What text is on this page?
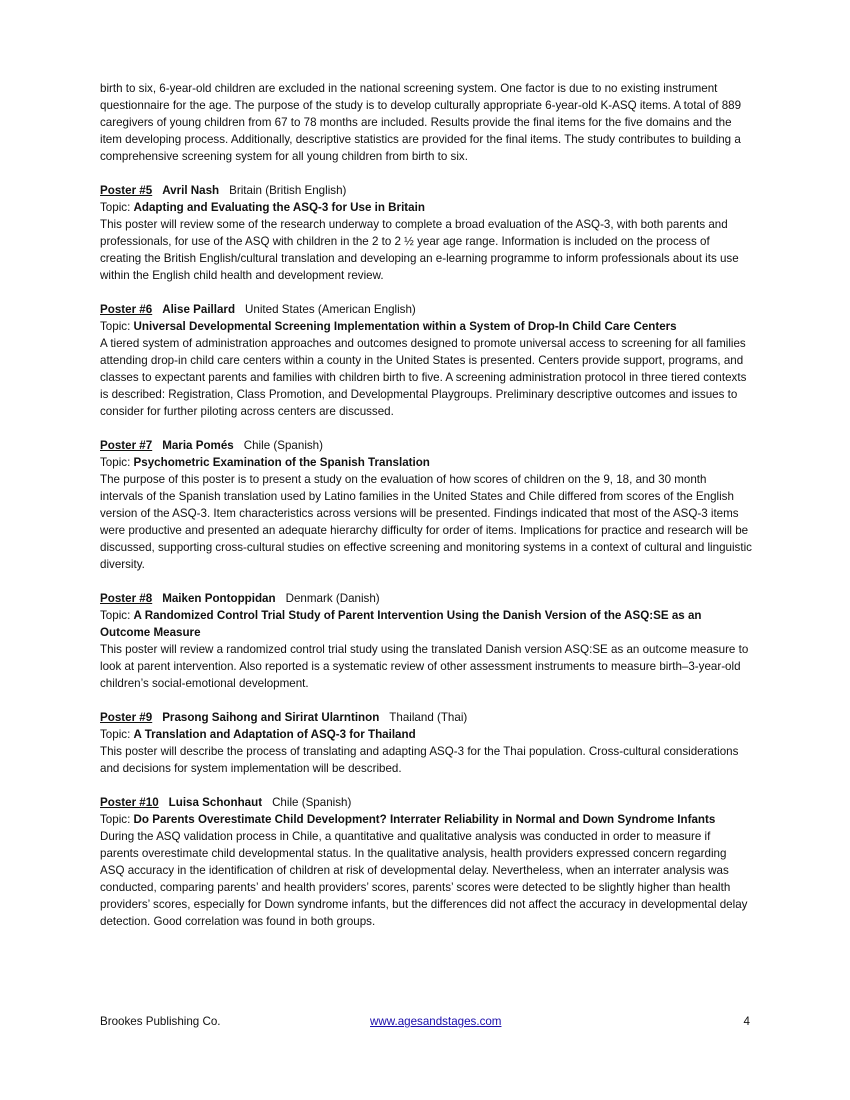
birth to six, 6-year-old children are excluded in the national screening system. One factor is due to no existing instrument questionnaire for the age. The purpose of the study is to develop culturally appropriate 6-year-old K-ASQ items. A total of 889 caregivers of young children from 67 to 78 months are included. Results provide the final items for the five domains and the item developing process. Additionally, descriptive statistics are provided for the final items. The study contributes to building a comprehensive screening system for all young children from birth to six.

Poster #5 Avril Nash Britain (British English)

Topic: Adapting and Evaluating the ASQ-3 for Use in Britain

This poster will review some of the research underway to complete a broad evaluation of the ASQ-3, with both parents and professionals, for use of the ASQ with children in the 2 to 2 ½ year age range. Information is included on the process of creating the British English/cultural translation and developing an e-learning programme to inform professionals about its use within the English child health and development review.

Poster #6 Alise Paillard United States (American English)

Topic: Universal Developmental Screening Implementation within a System of Drop-In Child Care Centers

A tiered system of administration approaches and outcomes designed to promote universal access to screening for all families attending drop-in child care centers within a county in the United States is presented. Centers provide support, programs, and classes to expectant parents and families with children birth to five. A screening administration protocol in three tiered contexts is described: Registration, Class Promotion, and Developmental Playgroups. Preliminary descriptive outcomes and issues to consider for further piloting across centers are discussed.

Poster #7 Maria Pomés Chile (Spanish)

Topic: Psychometric Examination of the Spanish Translation

The purpose of this poster is to present a study on the evaluation of how scores of children on the 9, 18, and 30 month intervals of the Spanish translation used by Latino families in the United States and Chile differed from scores of the English version of the ASQ-3. Item characteristics across versions will be presented. Findings indicated that most of the ASQ-3 items were productive and presented an adequate hierarchy difficulty for order of items. Implications for practice and research will be discussed, supporting cross-cultural studies on effective screening and monitoring systems in a context of cultural and linguistic diversity.

Poster #8 Maiken Pontoppidan Denmark (Danish)

Topic: A Randomized Control Trial Study of Parent Intervention Using the Danish Version of the ASQ:SE as an Outcome Measure

This poster will review a randomized control trial study using the translated Danish version ASQ:SE as an outcome measure to look at parent intervention. Also reported is a systematic review of other assessment instruments to measure birth–3-year-old children’s social-emotional development.

Poster #9 Prasong Saihong and Sirirat Ularntinon Thailand (Thai)

Topic: A Translation and Adaptation of ASQ-3 for Thailand

This poster will describe the process of translating and adapting ASQ-3 for the Thai population. Cross-cultural considerations and decisions for system implementation will be described.

Poster #10 Luisa Schonhaut Chile (Spanish)

Topic: Do Parents Overestimate Child Development? Interrater Reliability in Normal and Down Syndrome Infants

During the ASQ validation process in Chile, a quantitative and qualitative analysis was conducted in order to measure if parents overestimate child developmental status. In the qualitative analysis, health providers expressed concern regarding ASQ accuracy in the identification of children at risk of developmental delay. Nevertheless, when an interrater analysis was conducted, comparing parents’ and health providers’ scores, parents’ scores were detected to be slightly higher than health providers’ scores, especially for Down syndrome infants, but the differences did not affect the accuracy in developmental delay detection. Good correlation was found in both groups.

Brookes Publishing Co.	www.agesandstages.com	4
